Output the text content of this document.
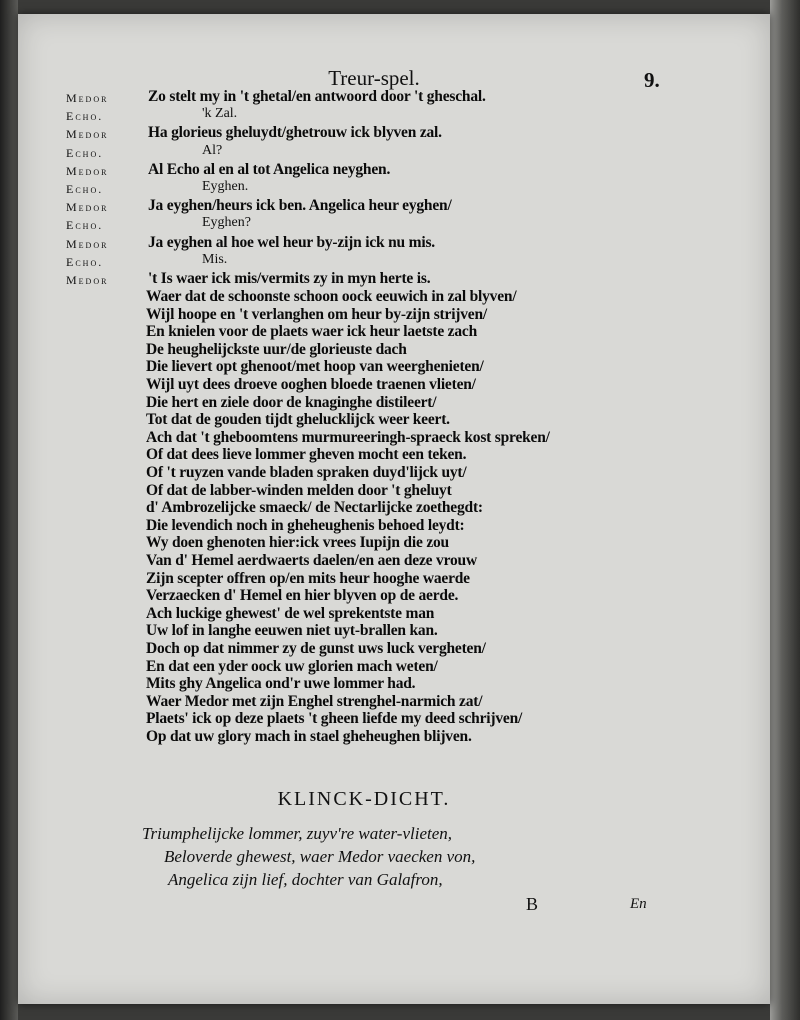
Treur-spel.	9.
Medor	Zo stelt my in 't ghetal/en antwoord door 't gheschal.
Echo.	'k Zal.
Medor	Ha glorieus gheluydt/ghetrouw ick blyven zal.
Echo.	Al?
Medor	Al Echo al en al tot Angelica neyghen.
Echo.	Eyghen.
Medor	Ja eyghen/heurs ick ben. Angelica heur eyghen/
Echo.	Eyghen?
Medor	Ja eyghen al hoe wel heur by-zijn ick nu mis.
Echo.	Mis.
Medor	't Is waer ick mis/vermits zy in myn herte is.
Waer dat de schoonste schoon oock eeuwich in zal blyven/
Wijl hoope en 't verlanghen om heur by-zijn strijven/
En knielen voor de plaets waer ick heur laetste zach
De heughelijckste uur/de glorieuste dach
Die lievert opt ghenoot/met hoop van weerghenieten/
Wijl uyt dees droeve ooghen bloede traenen vlieten/
Die hert en ziele door de knaginghe distileert/
Tot dat de gouden tijdt ghelucklijck weer keert.
Ach dat 't gheboomtens murmureeringh-spraeck kost spreken/
Of dat dees lieve lommer gheven mocht een teken.
Of 't ruyzen vande bladen spraken duyd'lijck uyt/
Of dat de labber-winden melden door 't gheluyt
d' Ambrozelijcke smaeck/ de Nectarlijcke zoethegdt:
Die levendich noch in gheheughenis behoed leydt:
Wy doen ghenoten hier:ick vrees Iupijn die zou
Van d' Hemel aerdwaerts daelen/en aen deze vrouw
Zijn scepter offren op/en mits heur hooghe waerde
Verzaecken d' Hemel en hier blyven op de aerde.
Ach luckige ghewest' de wel sprekentste man
Uw lof in langhe eeuwen niet uyt-brallen kan.
Doch op dat nimmer zy de gunst uws luck vergheten/
En dat een yder oock uw glorien mach weten/
Mits ghy Angelica ond'r uwe lommer had.
Waer Medor met zijn Enghel strenghel-narmich zat/
Plaets' ick op deze plaets 't gheen liefde my deed schrijven/
Op dat uw glory mach in stael gheheughen blijven.
KLINCK-DICHT.
Triumphelijcke lommer, zuyv're water-vlieten,
Beloverde ghewest, waer Medor vaecken von,
Angelica zijn lief, dochter van Galafron,
B	En
